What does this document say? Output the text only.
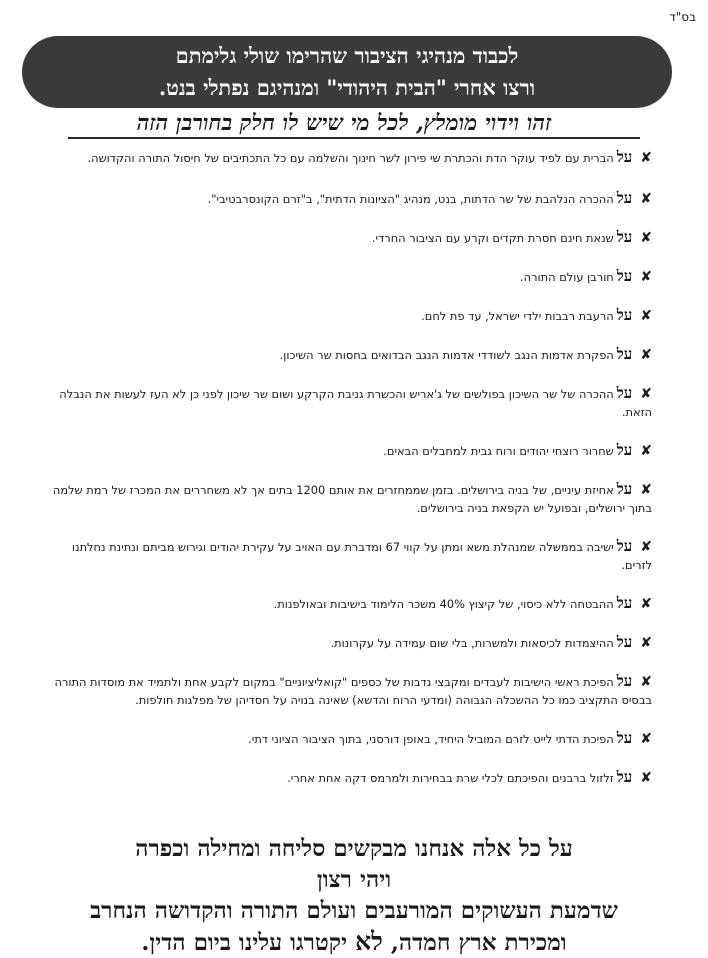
בס"ד
לכבוד מנהיגי הציבור שהרימו שולי גלימתם
ורצו אחרי "הבית היהודי" ומנהיגם נפתלי בנט.
זהו וידוי מומלץ, לכל מי שיש לו חלק בחורבן הזה
✘עלהברית עם לפיד עוקר הדת והכתרת שי פירון לשר חינוך והשלמה עם כל התכתיבים של חיסול התורה והקדושה.
✘עלההכרה הנלהבת של שר הדתות, בנט, מנהיג "הציונות הדתית", ב"זרם הקונסרבטיבי".
✘עלשנאת חינם חסרת תקדים וקרע עם הציבור החרדי.
✘עלחורבן עולם התורה.
✘עלהרעבת רבבות ילדי ישראל, עד פת לחם.
✘עלהפקרת אדמות הנגב לשודדי אדמות הנגב הבדואים בחסות שר השיכון.
✘עלההכרה של שר השיכון בפולשים של ג'אריש והכשרת גניבת הקרקע ושום שר שיכון לפני כן לא העז לעשות את הנבלה הזאת.
✘עלשחרור רוצחי יהודים ורוח גבית למחבלים הבאים.
✘עלאחיזת עיניים, של בניה בירושלים. בזמן שממחזרים את אותם 1200 בתים אך לא משחררים את המכרז של רמת שלמה בתוך ירושלים, ובפועל יש הקפאת בניה בירושלים.
✘עלישיבה בממשלה שמנהלת משא ומתן על קווי 67 ומדברת עם האויב על עקירת יהודים וגירוש מביתם ונתינת נחלתנו לזרים.
✘עלההבטחה ללא כיסוי, של קיצוץ 40% משכר הלימוד בישיבות ובאולפנות.
✘עלההיצמדות לכיסאות ולמשרות, בלי שום עמידה על עקרונות.
✘עלהפיכת ראשי הישיבות לעבדים ומקבצי נדבות של כספים "קואליציוניים" במקום לקבע אחת ולתמיד את מוסדות התורה בבסיס התקציב כמו כל ההשכלה הגבוהה (ומדעי הרוח והדשא) שאינה בנויה על חסדיהן של מפלגות חולפות.
✘עלהפיכת הדתי לייט לזרם המוביל היחיד, באופן דורסני, בתוך הציבור הציוני דתי.
✘עלזלזול ברבנים והפיכתם לכלי שרת בבחירות ולמרמס דקה אחת אחרי.
על כל אלה אנחנו מבקשים סליחה ומחילה וכפרה
ויהי רצון
שדמעת העשוקים המורעבים ועולם התורה והקדושה הנחרב
ומכירת ארץ חמדה, לא יקטרגו עלינו ביום הדין.
